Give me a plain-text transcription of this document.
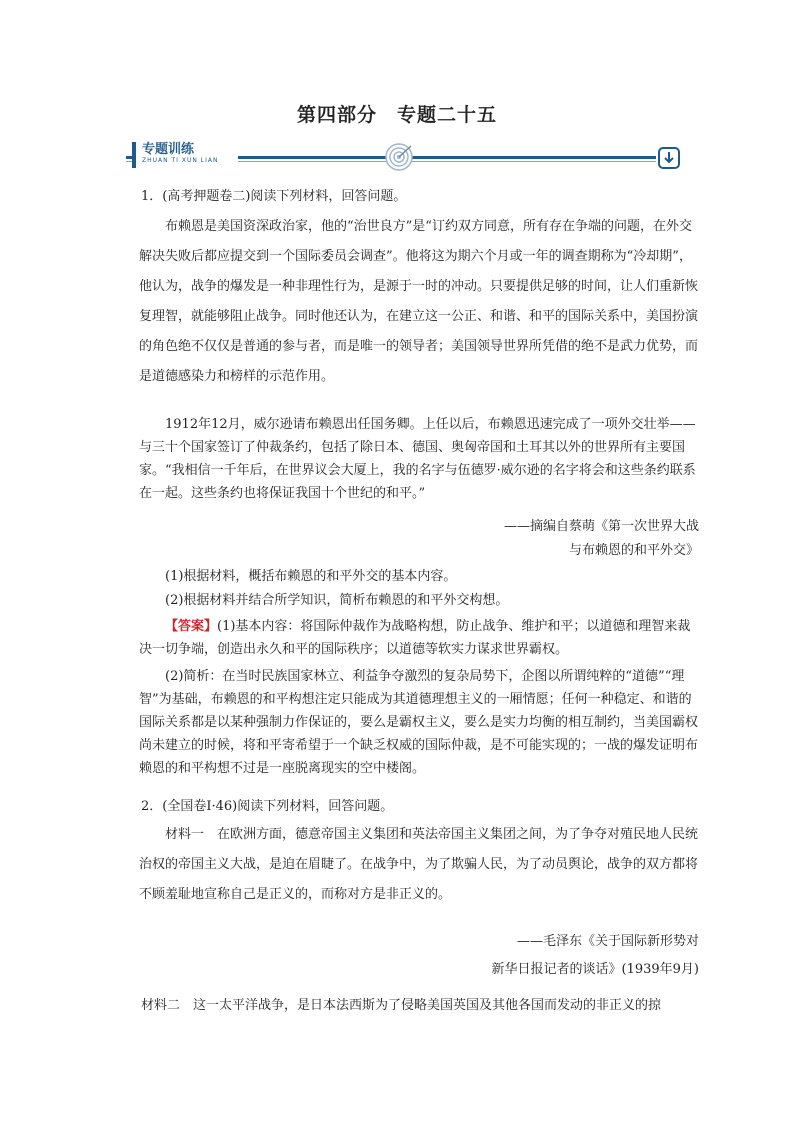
第四部分　专题二十五
专题训练
ZHUAN TI XUN LIAN

1．(高考押题卷二)阅读下列材料，回答问题。

布赖恩是美国资深政治家，他的“治世良方”是“订约双方同意，所有存在争端的问题，在外交解决失败后都应提交到一个国际委员会调查”。他将这为期六个月或一年的调查期称为“冷却期”，他认为，战争的爆发是一种非理性行为，是源于一时的冲动。只要提供足够的时间，让人们重新恢复理智，就能够阻止战争。同时他还认为，在建立这一公正、和谐、和平的国际关系中，美国扮演的角色绝不仅仅是普通的参与者，而是唯一的领导者；美国领导世界所凭借的绝不是武力优势，而是道德感染力和榜样的示范作用。

1912年12月，威尔逊请布赖恩出任国务卿。上任以后，布赖恩迅速完成了一项外交壮举——与三十个国家签订了仲裁条约，包括了除日本、德国、奥匈帝国和土耳其以外的世界所有主要国家。“我相信一千年后，在世界议会大厦上，我的名字与伍德罗·威尔逊的名字将会和这些条约联系在一起。这些条约也将保证我国十个世纪的和平。”

——摘编自蔡萌《第一次世界大战

与布赖恩的和平外交》

(1)根据材料，概括布赖恩的和平外交的基本内容。

(2)根据材料并结合所学知识，简析布赖恩的和平外交构想。

【答案】(1)基本内容：将国际仲裁作为战略构想，防止战争、维护和平；以道德和理智来裁决一切争端，创造出永久和平的国际秩序；以道德等软实力谋求世界霸权。

(2)简析：在当时民族国家林立、利益争夺激烈的复杂局势下，企图以所谓纯粹的“道德”“理智”为基础，布赖恩的和平构想注定只能成为其道德理想主义的一厢情愿；任何一种稳定、和谐的国际关系都是以某种强制力作保证的，要么是霸权主义，要么是实力均衡的相互制约，当美国霸权尚未建立的时候，将和平寄希望于一个缺乏权威的国际仲裁，是不可能实现的；一战的爆发证明布赖恩的和平构想不过是一座脱离现实的空中楼阁。

2．(全国卷Ⅰ·46)阅读下列材料，回答问题。

材料一　在欧洲方面，德意帝国主义集团和英法帝国主义集团之间，为了争夺对殖民地人民统治权的帝国主义大战，是迫在眉睫了。在战争中，为了欺骗人民，为了动员舆论，战争的双方都将不顾羞耻地宣称自己是正义的，而称对方是非正义的。

——毛泽东《关于国际新形势对

新华日报记者的谈话》(1939年9月)

材料二　这一太平洋战争，是日本法西斯为了侵略美国英国及其他各国而发动的非正义的掠
